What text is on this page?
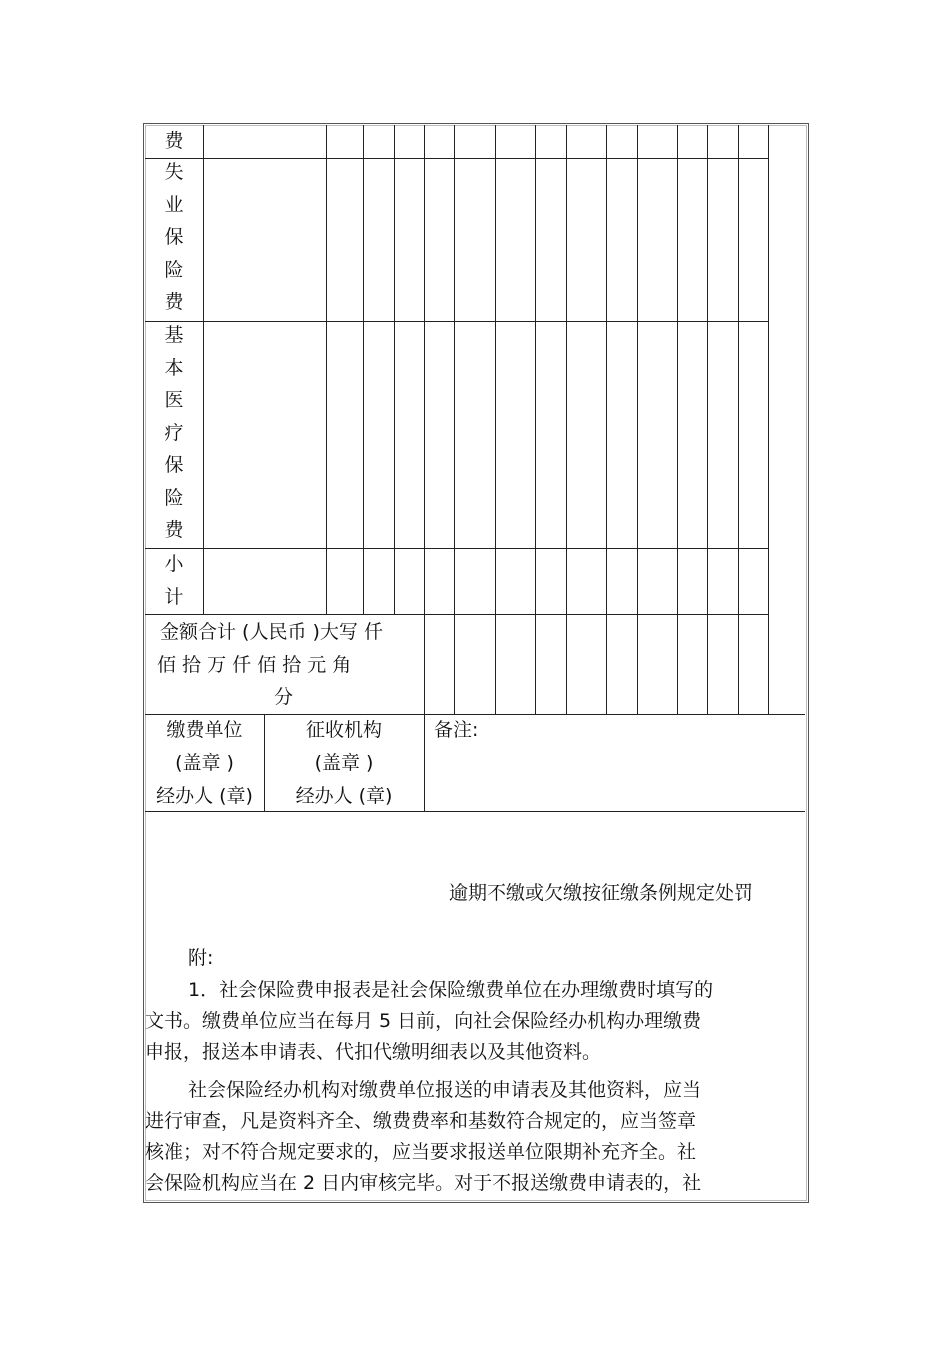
费
失
业
保
险
费
基
本
医
疗
保
险
费
小
计
金额合计 (人民币 )大写 仟
佰 拾 万 仟 佰 拾 元 角
分
缴费单位
(盖章 )
经办人 (章)
征收机构
(盖章 )
经办人 (章)
备注:
逾期不缴或欠缴按征缴条例规定处罚
附:
1．社会保险费申报表是社会保险缴费单位在办理缴费时填写的
文书。缴费单位应当在每月 5 日前，向社会保险经办机构办理缴费
申报，报送本申请表、代扣代缴明细表以及其他资料。
社会保险经办机构对缴费单位报送的申请表及其他资料，应当
进行审查，凡是资料齐全、缴费费率和基数符合规定的，应当签章
核准；对不符合规定要求的，应当要求报送单位限期补充齐全。社
会保险机构应当在 2 日内审核完毕。对于不报送缴费申请表的，社
